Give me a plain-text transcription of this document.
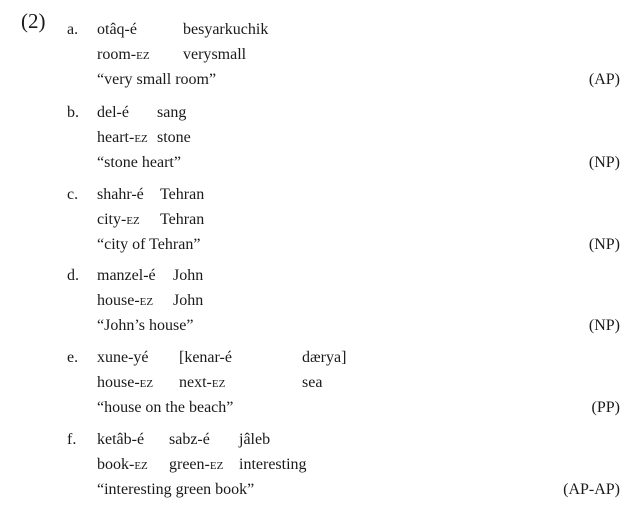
(2) a. otâq-é	besyarkuchik
room-ez verysmall
“very small room”	(AP)
b. del-é sang
heart-ez stone
“stone heart”	(NP)
c. shahr-é Tehran
city-ez Tehran
“city of Tehran”	(NP)
d. manzel-é John
house-ez John
“John’s house”	(NP)
e. xune-yé [kenar-é	dærya]
house-ez next-ez	sea
“house on the beach”	(PP)
f. ketâb-é sabz-é jâleb
book-ez green-ez interesting
“interesting green book”	(AP-AP)
